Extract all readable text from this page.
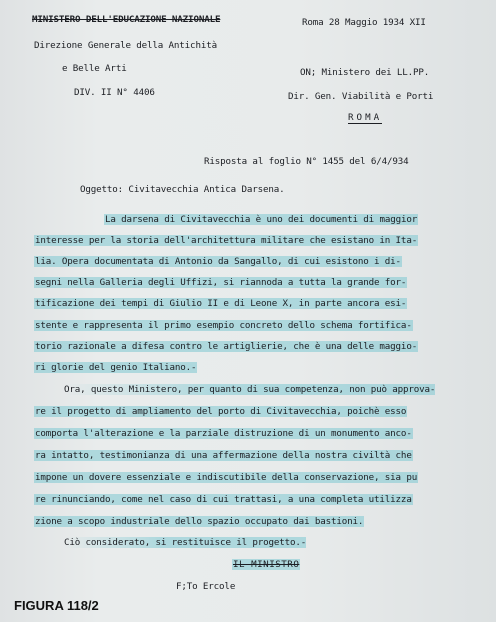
MINISTERO DELL'EDUCAZIONE NAZIONALE
Direzione Generale della Antichità
e Belle Arti
DIV. II N° 4406
Roma 28 Maggio 1934 XII
ON; Ministero dei LL.PP.
Dir. Gen. Viabilità e Porti
ROMA
Risposta al foglio N° 1455 del 6/4/934
Oggetto: Civitavecchia Antica Darsena.
La darsena di Civitavecchia è uno dei documenti di maggior
interesse per la storia dell'architettura militare che esistano in Ita-
lia. Opera documentata di Antonio da Sangallo, di cui esistono i di-
segni nella Galleria degli Uffizi, si riannoda a tutta la grande for-
tificazione dei tempi di Giulio II e di Leone X, in parte ancora esi-
stente e rappresenta il primo esempio concreto dello schema fortifica-
torio razionale a difesa contro le artiglierie, che è una delle maggio-
ri glorie del genio Italiano.-
Ora, questo Ministero, per quanto di sua competenza, non può approva-
re il progetto di ampliamento del porto di Civitavecchia, poichè esso
comporta l'alterazione e la parziale distruzione di un monumento anco-
ra intatto, testimonianza di una affermazione della nostra civiltà che
impone un dovere essenziale e indiscutibile della conservazione, sia pu
re rinunciando, come nel caso di cui trattasi, a una completa utilizza
zione a scopo industriale dello spazio occupato dai bastioni.
Ciò considerato, si restituisce il progetto.-
IL MINISTRO
F;To Ercole
FIGURA 118/2
